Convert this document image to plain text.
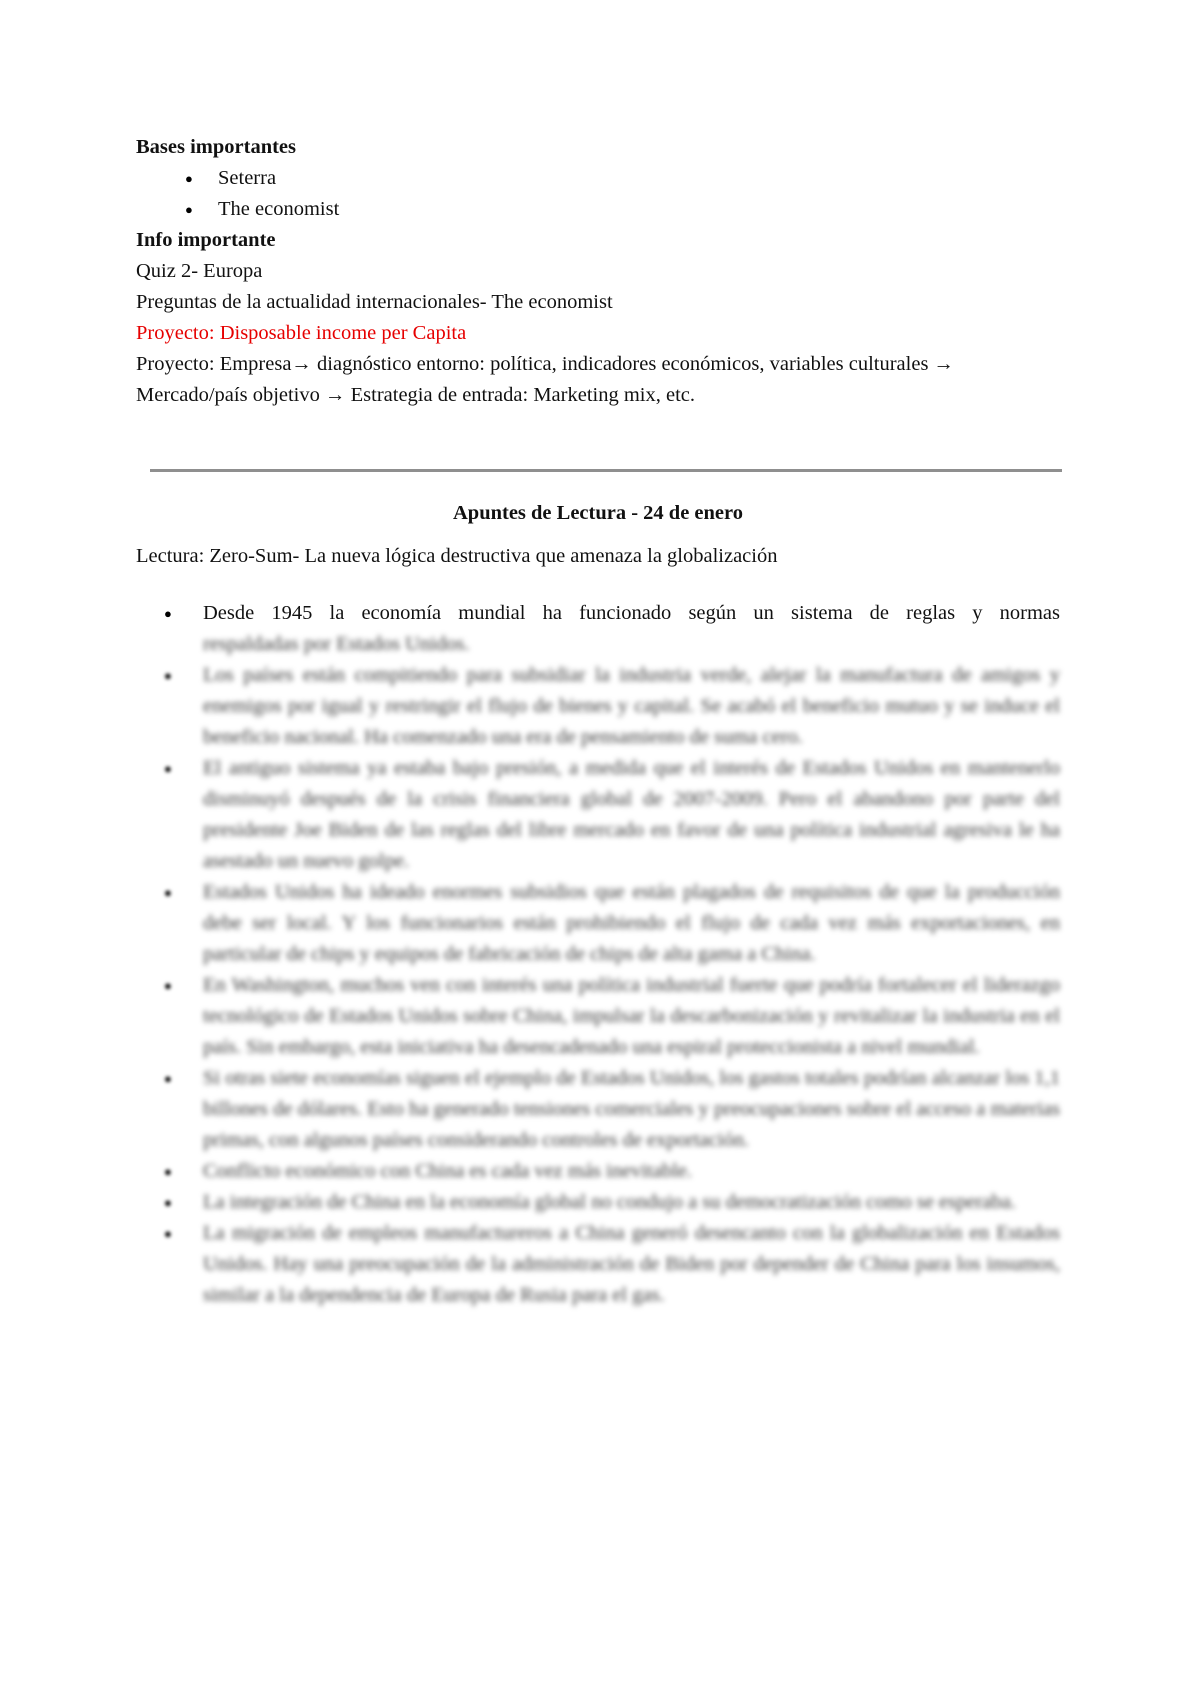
Bases importantes
● Seterra
● The economist
Info importante

Quiz 2- Europa

Preguntas de la actualidad internacionales- The economist

Proyecto: Disposable income per Capita

Proyecto: Empresa→ diagnóstico entorno: política, indicadores económicos, variables culturales → Mercado/país objetivo → Estrategia de entrada: Marketing mix, etc.

Apuntes de Lectura - 24 de enero

Lectura: Zero-Sum- La nueva lógica destructiva que amenaza la globalización

● Desde 1945 la economía mundial ha funcionado según un sistema de reglas y normas
respaldadas por Estados Unidos.
● Los países están compitiendo para subsidiar la industria verde, alejar la manufactura de amigos y enemigos por igual y restringir el flujo de bienes y capital. Se acabó el beneficio mutuo y se induce el beneficio nacional. Ha comenzado una era de pensamiento de suma cero.
● El antiguo sistema ya estaba bajo presión, a medida que el interés de Estados Unidos en mantenerlo disminuyó después de la crisis financiera global de 2007-2009. Pero el abandono por parte del presidente Joe Biden de las reglas del libre mercado en favor de una política industrial agresiva le ha asestado un nuevo golpe.
● Estados Unidos ha ideado enormes subsidios que están plagados de requisitos de que la producción debe ser local. Y los funcionarios están prohibiendo el flujo de cada vez más exportaciones, en particular de chips y equipos de fabricación de chips de alta gama a China.
● En Washington, muchos ven con interés una política industrial fuerte que podría fortalecer el liderazgo tecnológico de Estados Unidos sobre China, impulsar la descarbonización y revitalizar la industria en el país. Sin embargo, esta iniciativa ha desencadenado una espiral proteccionista a nivel mundial.
● Si otras siete economías siguen el ejemplo de Estados Unidos, los gastos totales podrían alcanzar los 1,1 billones de dólares. Esto ha generado tensiones comerciales y preocupaciones sobre el acceso a materias primas, con algunos países considerando controles de exportación.
● Conflicto económico con China es cada vez más inevitable.
● La integración de China en la economía global no condujo a su democratización como se esperaba.
● La migración de empleos manufactureros a China generó desencanto con la globalización en Estados Unidos. Hay una preocupación de la administración de Biden por depender de China para los insumos, similar a la dependencia de Europa de Rusia para el gas.
